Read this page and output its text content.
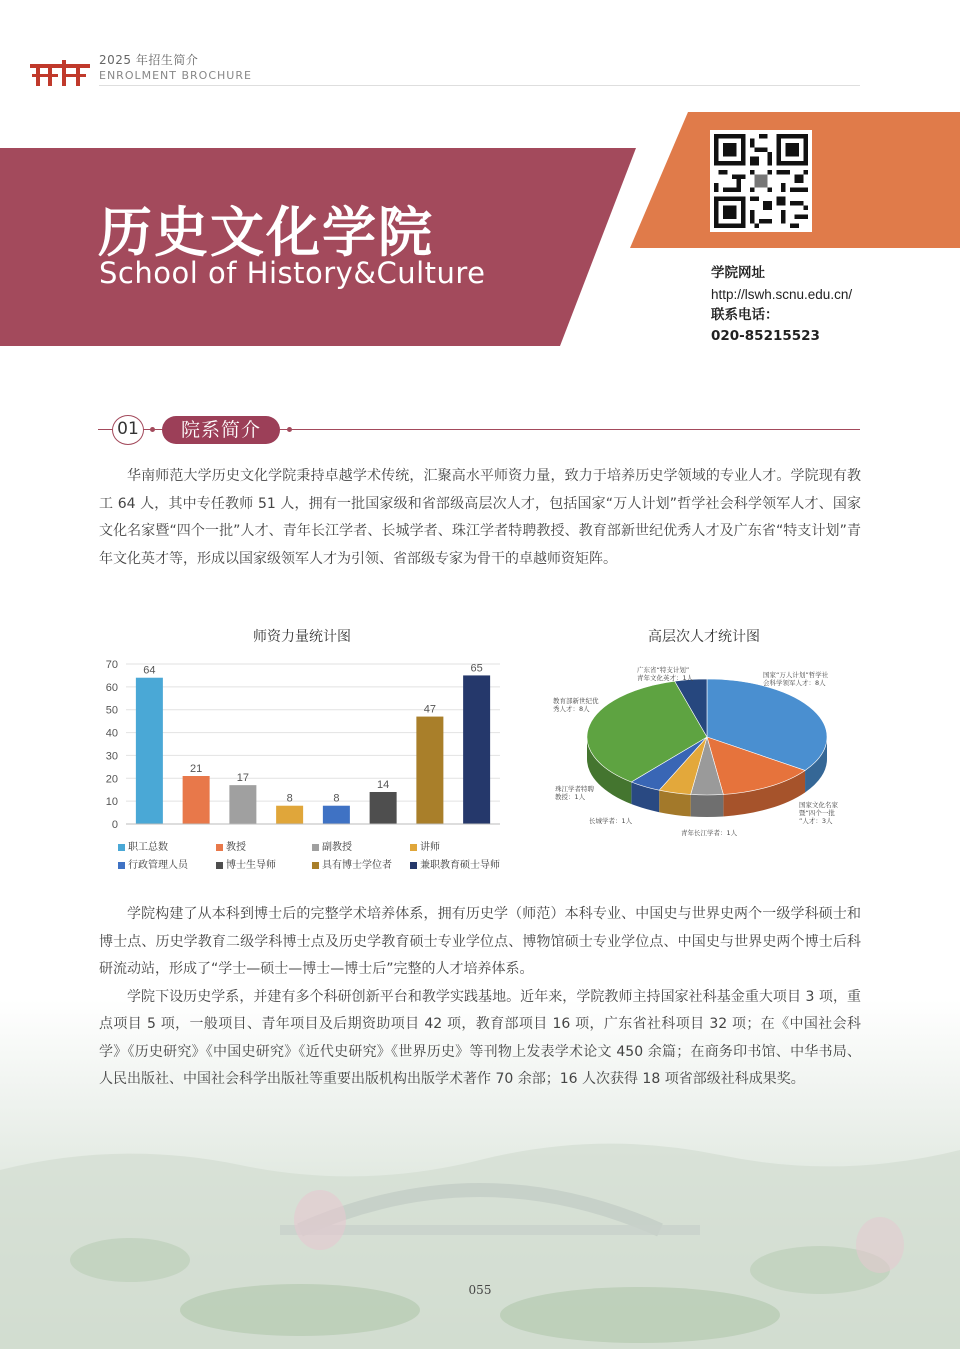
2025 年招生简介
ENROLMENT BROCHURE
历史文化学院
School of History&Culture	学院网址
http://lswh.scnu.edu.cn/
联系电话：
020-85215523
01	院系简介

华南师范大学历史文化学院秉持卓越学术传统，汇聚高水平师资力量，致力于培养历史学领域的专业人才。学院现有教工 64 人，其中专任教师 51 人，拥有一批国家级和省部级高层次人才，包括国家“万人计划”哲学社会科学领军人才、国家文化名家暨“四个一批”人才、青年长江学者、长城学者、珠江学者特聘教授、教育部新世纪优秀人才及广东省“特支计划”青年文化英才等，形成以国家级领军人才为引领、省部级专家为骨干的卓越师资矩阵。

师资力量统计图
0
10
20
30
40
50
60
70 64
21
17
8	8
14
47
65
职工总数	教授	副教授	讲师
行政管理人员	博士生导师	具有博士学位者	兼职教育硕士导师
高层次人才统计图
国家“万人计划”哲学社会科学领军人才：8人
国家文化名家暨“四个一批”人才：3人
青年长江学者：1人
长城学者：1人
珠江学者特聘教授：1人
教育部新世纪优秀人才：8人
广东省“特支计划”青年文化英才：1人

学院构建了从本科到博士后的完整学术培养体系，拥有历史学（师范）本科专业、中国史与世界史两个一级学科硕士和博士点、历史学教育二级学科博士点及历史学教育硕士专业学位点、博物馆硕士专业学位点、中国史与世界史两个博士后科研流动站，形成了“学士—硕士—博士—博士后”完整的人才培养体系。

学院下设历史学系，并建有多个科研创新平台和教学实践基地。近年来，学院教师主持国家社科基金重大项目 3 项，重点项目 5 项，一般项目、青年项目及后期资助项目 42 项，教育部项目 16 项，广东省社科项目 32 项；在《中国社会科学》《历史研究》《中国史研究》《近代史研究》《世界历史》等刊物上发表学术论文 450 余篇；在商务印书馆、中华书局、人民出版社、中国社会科学出版社等重要出版机构出版学术著作 70 余部；16 人次获得 18 项省部级社科成果奖。

055
